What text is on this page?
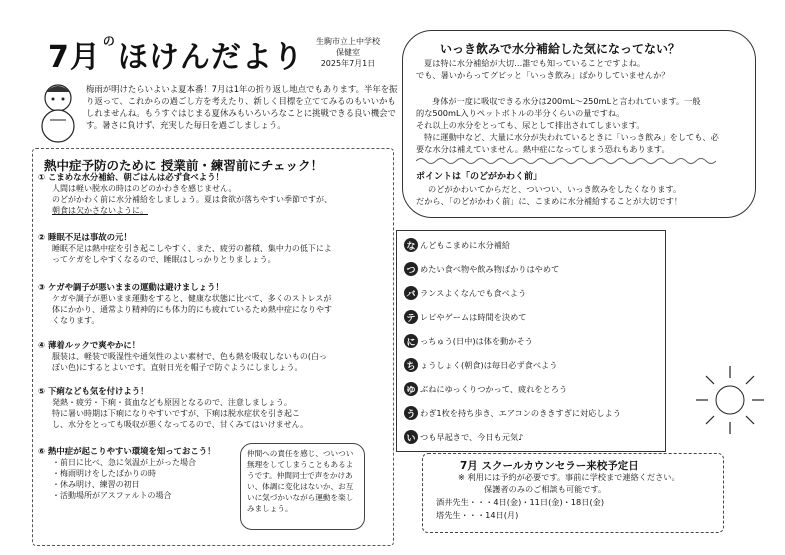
7月 $^の$ほけんだより	生駒市立上中学校
保健室
2025年7月1日
梅雨が明けたらいよいよ夏本番！7月は1年の折り返し地点でもあります。半年を振り返って、これからの過ごし方を考えたり、新しく目標を立ててみるのもいいかもしれませんね。もうすぐはじまる夏休みもいろいろなことに挑戦できる良い機会です。暑さに負けず、充実した毎日を過ごしましょう。
熱中症予防のために 授業前・練習前にチェック！
① こまめな水分補給、朝ごはんは必ず食べよう！
人間は軽い脱水の時はのどのかわきを感じません。
のどがかわく前に水分補給をしましょう。夏は食欲が落ちやすい季節ですが、
朝食は欠かさないように。
② 睡眠不足は事故の元！
睡眠不足は熱中症を引き起こしやすく、また、疲労の蓄積、集中力の低下によ
ってケガをしやすくなるので、睡眠はしっかりとりましょう。
③ ケガや調子が悪いままの運動は避けましょう！
ケガや調子が悪いまま運動をすると、健康な状態に比べて、多くのストレスが
体にかかり、通常より精神的にも体力的にも疲れているため熱中症になりやす
くなります。
④ 薄着ルックで爽やかに！
服装は、軽装で吸湿性や通気性のよい素材で、色も熱を吸収しないもの(白っ
ぽい色)にするとよいです。直射日光を帽子で防ぐようにしましょう。
⑤ 下痢なども気を付けよう！
発熱・疲労・下痢・貧血なども原因となるので、注意しましょう。
特に暑い時期は下痢になりやすいですが、下痢は脱水症状を引き起こ
し、水分をとっても吸収が悪くなってるので、甘くみてはいけません。
⑥ 熱中症が起こりやすい環境を知っておこう！
・前日に比べ、急に気温が上がった場合
・梅雨明けをしたばかりの時
・休み明け、練習の初日
・活動場所がアスファルトの場合
仲間への責任を感じ、ついつい無理をしてしまうこともあるようです。仲間同士で声をかけあい、体調に変化はないか、お互いに気づかいながら運動を楽しみましょう。
いっき飲みで水分補給した気になってない？
夏は特に水分補給が大切…誰でも知っていることですよね。
でも、暑いからってグビッと「いっき飲み」ばかりしていませんか？
身体が一度に吸収できる水分は200mL～250mLと言われています。一般
的な500mL入りペットボトルの半分くらいの量ですね。
それ以上の水分をとっても、尿として排出されてしまいます。
特に運動中など、大量に水分が失われているときに「いっき飲み」をしても、必
要な水分は補えていません。熱中症になってしまう恐れもあります。
ポイントは「のどがかわく前」
のどがかわいてからだと、ついつい、いっき飲みをしたくなります。
だから、「のどがかわく前」に、こまめに水分補給することが大切です！
な んどもこまめに水分補給
つ めたい食べ物や飲み物ばかりはやめて
バ ランスよくなんでも食べよう
テ レビやゲームは時間を決めて
に っちゅう(日中)は体を動かそう
ち ょうしょく(朝食)は毎日必ず食べよう
ゆ ぶねにゆっくりつかって、疲れをとろう
う わぎ1枚を持ち歩き、エアコンのききすぎに対応しよう
い つも早起きで、今日も元気♪
7月 スクールカウンセラー来校予定日
※ 利用には予約が必要です。事前に学校まで連絡ください。
保護者のみのご相談も可能です。
酒井先生・・・4日(金)・11日(金)・18日(金)
塔先生・・・14日(月)
